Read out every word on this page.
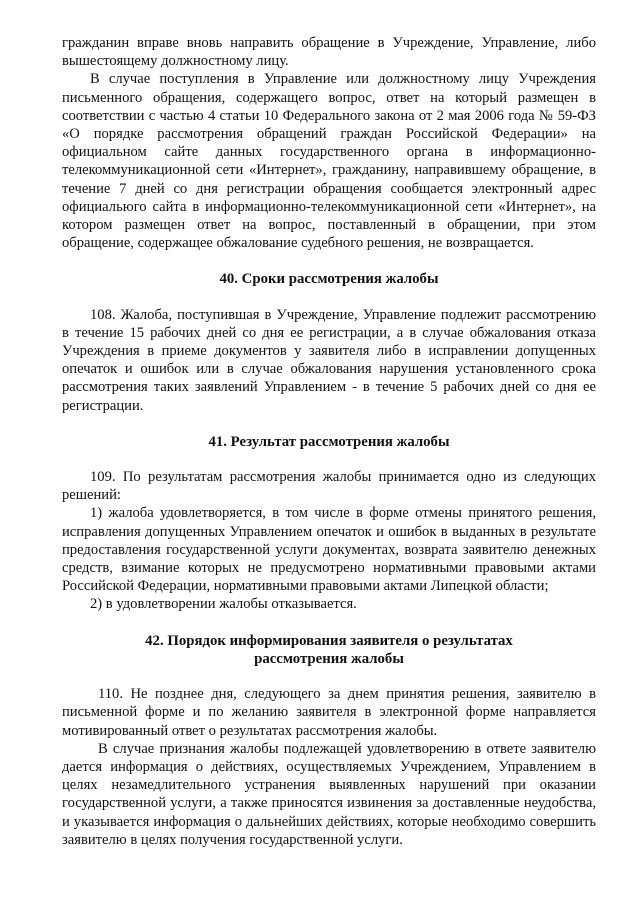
гражданин вправе вновь направить обращение в Учреждение, Управление, либо вышестоящему должностному лицу.

В случае поступления в Управление или должностному лицу Учреждения письменного обращения, содержащего вопрос, ответ на который размещен в соответствии с частью 4 статьи 10 Федерального закона от 2 мая 2006 года № 59-ФЗ «О порядке рассмотрения обращений граждан Российской Федерации» на официальном сайте данных государственного органа в информационно-телекоммуникационной сети «Интернет», гражданину, направившему обращение, в течение 7 дней со дня регистрации обращения сообщается электронный адрес официальюго сайта в информационно-телекоммуникационной сети «Интернет», на котором размещен ответ на вопрос, поставленный в обращении, при этом обращение, содержащее обжалование судебного решения, не возвращается.

40. Сроки рассмотрения жалобы

108. Жалоба, поступившая в Учреждение, Управление подлежит рассмотрению в течение 15 рабочих дней со дня ее регистрации, а в случае обжалования отказа Учреждения в приеме документов у заявителя либо в исправлении допущенных опечаток и ошибок или в случае обжалования нарушения установленного срока рассмотрения таких заявлений Управлением - в течение 5 рабочих дней со дня ее регистрации.

41. Результат рассмотрения жалобы

109. По результатам рассмотрения жалобы принимается одно из следующих решений:

1) жалоба удовлетворяется, в том числе в форме отмены принятого решения, исправления допущенных Управлением опечаток и ошибок в выданных в результате предоставления государственной услуги документах, возврата заявителю денежных средств, взимание которых не предусмотрено нормативными правовыми актами Российской Федерации, нормативными правовыми актами Липецкой области;

2) в удовлетворении жалобы отказывается.

42. Порядок информирования заявителя о результатах
рассмотрения жалобы

110. Не позднее дня, следующего за днем принятия решения, заявителю в письменной форме и по желанию заявителя в электронной форме направляется мотивированный ответ о результатах рассмотрения жалобы.

В случае признания жалобы подлежащей удовлетворению в ответе заявителю дается информация о действиях, осуществляемых Учреждением, Управлением в целях незамедлительного устранения выявленных нарушений при оказании государственной услуги, а также приносятся извинения за доставленные неудобства, и указывается информация о дальнейших действиях, которые необходимо совершить заявителю в целях получения государственной услуги.
